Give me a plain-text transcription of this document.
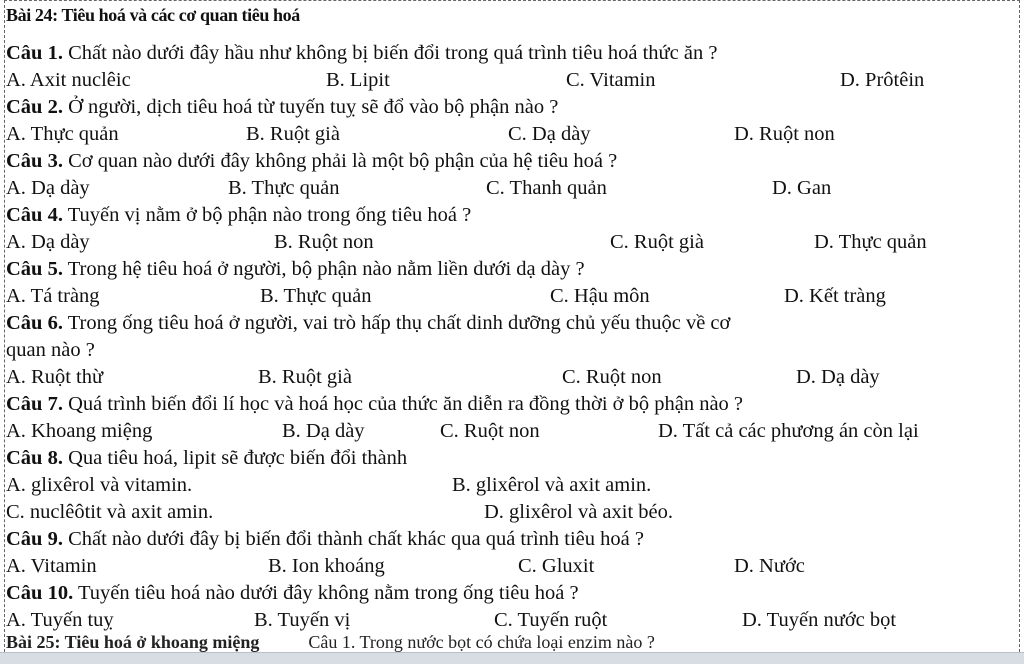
Bài 24: Tiêu hoá và các cơ quan tiêu hoá
Câu 1. Chất nào dưới đây hầu như không bị biến đổi trong quá trình tiêu hoá thức ăn ?
A. Axit nuclêic	B. Lipit	C. Vitamin	D. Prôtêin
Câu 2. Ở người, dịch tiêu hoá từ tuyến tuỵ sẽ đổ vào bộ phận nào ?
A. Thực quản	B. Ruột già	C. Dạ dày	D. Ruột non
Câu 3. Cơ quan nào dưới đây không phải là một bộ phận của hệ tiêu hoá ?
A. Dạ dày	B. Thực quản	C. Thanh quản	D. Gan
Câu 4. Tuyến vị nằm ở bộ phận nào trong ống tiêu hoá ?
A. Dạ dày	B. Ruột non	C. Ruột già	D. Thực quản
Câu 5. Trong hệ tiêu hoá ở người, bộ phận nào nằm liền dưới dạ dày ?
A. Tá tràng	B. Thực quản	C. Hậu môn	D. Kết tràng
Câu 6. Trong ống tiêu hoá ở người, vai trò hấp thụ chất dinh dưỡng chủ yếu thuộc về cơ
quan nào ?
A. Ruột thừ	B. Ruột già	C. Ruột non	D. Dạ dày
Câu 7. Quá trình biến đổi lí học và hoá học của thức ăn diễn ra đồng thời ở bộ phận nào ?
A. Khoang miệng	B. Dạ dày	C. Ruột non	D. Tất cả các phương án còn lại
Câu 8. Qua tiêu hoá, lipit sẽ được biến đổi thành
A. glixêrol và vitamin.	B. glixêrol và axit amin.
C. nuclêôtit và axit amin.	D. glixêrol và axit béo.
Câu 9. Chất nào dưới đây bị biến đổi thành chất khác qua quá trình tiêu hoá ?
A. Vitamin	B. Ion khoáng	C. Gluxit	D. Nước
Câu 10. Tuyến tiêu hoá nào dưới đây không nằm trong ống tiêu hoá ?
A. Tuyến tuỵ	B. Tuyến vị	C. Tuyến ruột	D. Tuyến nước bọt
Bài 25: Tiêu hoá ở khoang miệng	Câu 1. Trong nước bọt có chứa loại enzim nào ?
